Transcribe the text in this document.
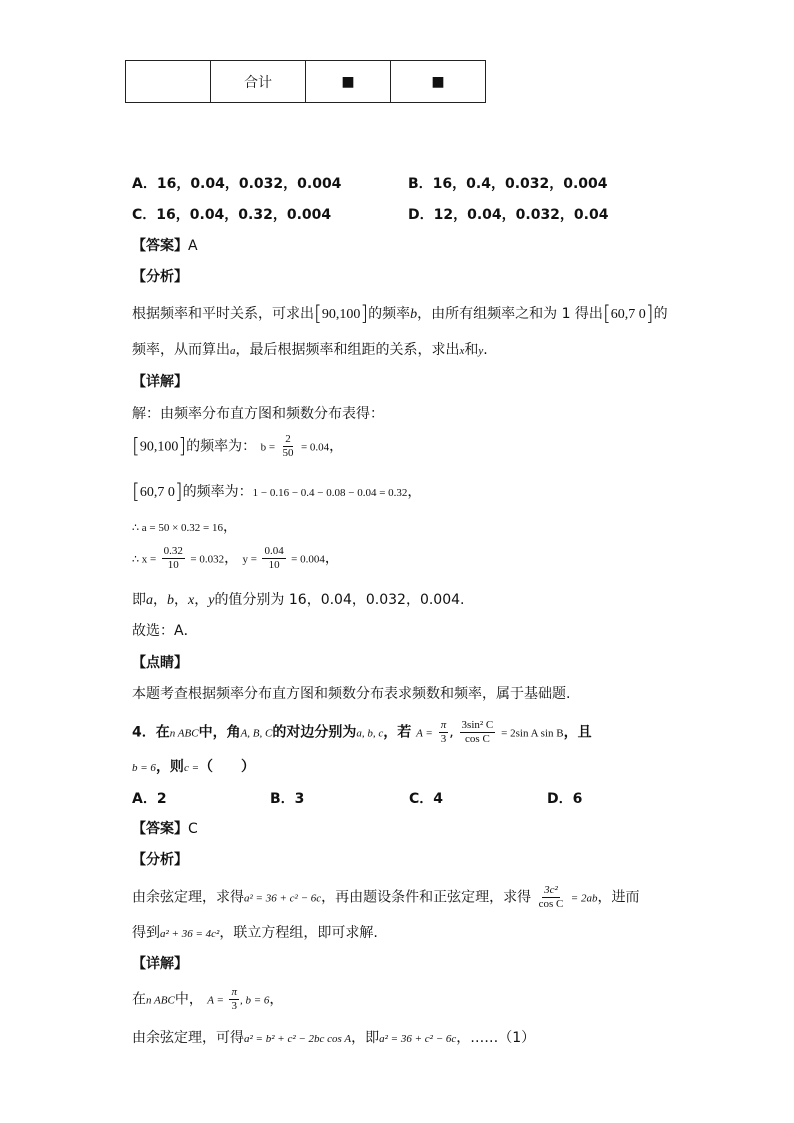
	合计	■	■
A．16，0.04，0.032，0.004	B．16，0.4，0.032，0.004
C．16，0.04，0.32，0.004	D．12，0.04，0.032，0.04
【答案】A
【分析】
根据频率和平时关系，可求出[90,100]的频率b，由所有组频率之和为 1 得出[60,7 0]的
频率，从而算出a，最后根据频率和组距的关系，求出x和y.
【详解】
解：由频率分布直方图和频数分布表得：
[90,100]的频率为： $b = \frac{2}{50} = 0.04$，
[60,7 0]的频率为：1 − 0.16 − 0.4 − 0.08 − 0.04 = 0.32，
∴ a = 50 × 0.32 = 16，
∴ $x = \frac{0.32}{10} = 0.032$， $y = \frac{0.04}{10} = 0.004$，
即a，b，x，y的值分别为 16，0.04，0.032，0.004.
故选：A．
【点睛】
本题考查根据频率分布直方图和频数分布表求频数和频率，属于基础题.
4．在n ABC中，角A, B, C的对边分别为a, b, c，若 $A = \frac{\pi}{3}$ , $\frac{\text{3sin² C}}{\text{cos C}} = 2\sin$ A sin B，且
b = 6，则c =（　　）
A．2	B．3	C．4	D．6
【答案】C
【分析】
由余弦定理，求得a² = 36 + c² − 6c，再由题设条件和正弦定理，求得 $\frac{\text{3c²}}{\text{cos C}} = 2ab$，进而
得到a² + 36 = 4c²，联立方程组，即可求解.
【详解】
在n ABC中， $A = \frac{\pi}{3}$ , b = 6，
由余弦定理，可得a² = b² + c² − 2bc cos A，即a² = 36 + c² − 6c，……（1）
